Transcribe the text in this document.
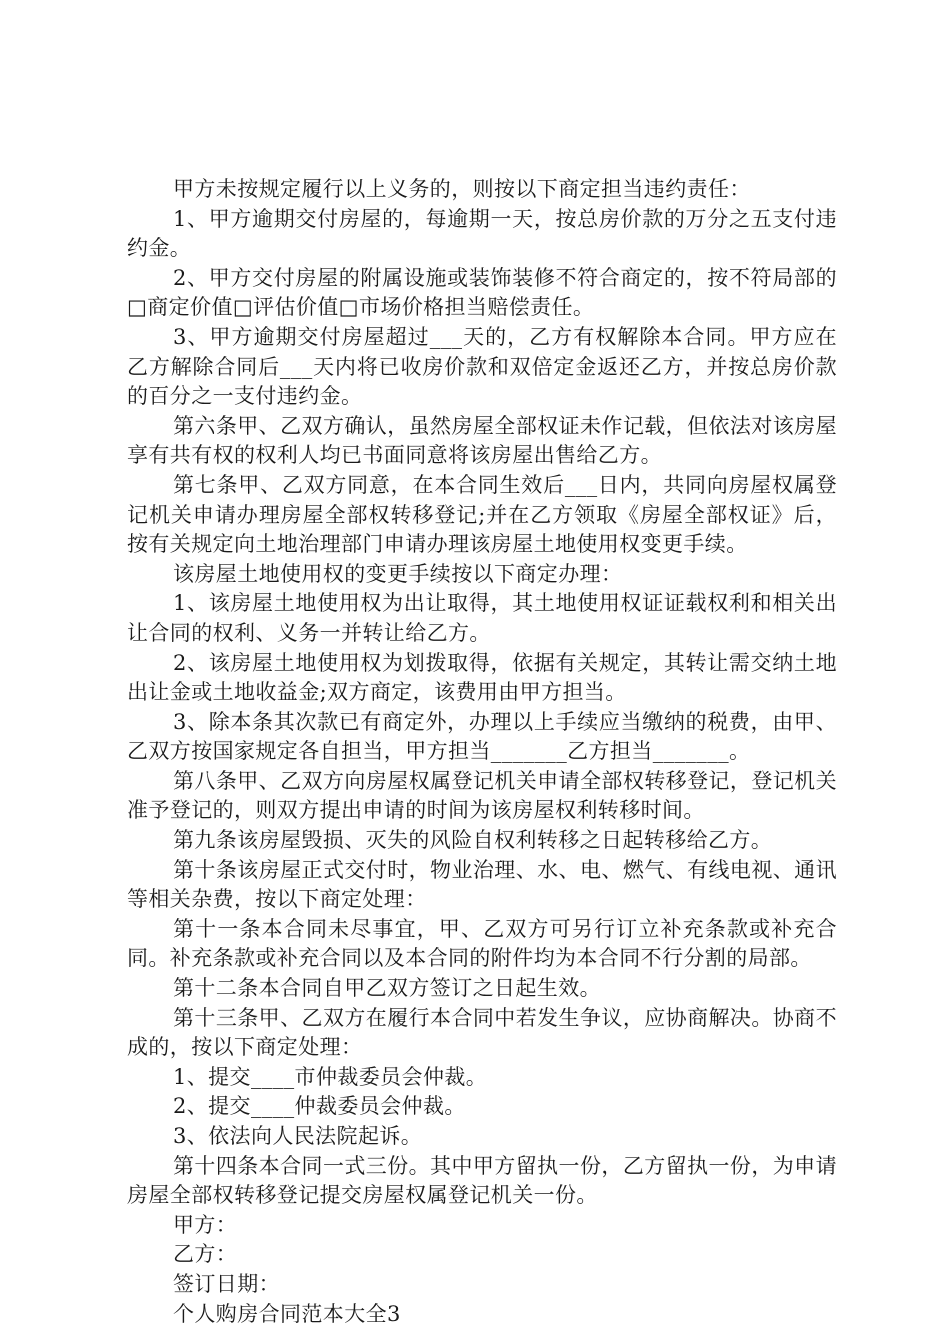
甲方未按规定履行以上义务的，则按以下商定担当违约责任：

1、甲方逾期交付房屋的，每逾期一天，按总房价款的万分之五支付违约金。

2、甲方交付房屋的附属设施或装饰装修不符合商定的，按不符局部的□商定价值□评估价值□市场价格担当赔偿责任。

3、甲方逾期交付房屋超过___天的，乙方有权解除本合同。甲方应在乙方解除合同后___天内将已收房价款和双倍定金返还乙方，并按总房价款的百分之一支付违约金。

第六条甲、乙双方确认，虽然房屋全部权证未作记载，但依法对该房屋享有共有权的权利人均已书面同意将该房屋出售给乙方。

第七条甲、乙双方同意，在本合同生效后___日内，共同向房屋权属登记机关申请办理房屋全部权转移登记;并在乙方领取《房屋全部权证》后，按有关规定向土地治理部门申请办理该房屋土地使用权变更手续。

该房屋土地使用权的变更手续按以下商定办理：

1、该房屋土地使用权为出让取得，其土地使用权证证载权利和相关出让合同的权利、义务一并转让给乙方。

2、该房屋土地使用权为划拨取得，依据有关规定，其转让需交纳土地出让金或土地收益金;双方商定，该费用由甲方担当。

3、除本条其次款已有商定外，办理以上手续应当缴纳的税费，由甲、乙双方按国家规定各自担当，甲方担当_______乙方担当_______。

第八条甲、乙双方向房屋权属登记机关申请全部权转移登记，登记机关准予登记的，则双方提出申请的时间为该房屋权利转移时间。

第九条该房屋毁损、灭失的风险自权利转移之日起转移给乙方。

第十条该房屋正式交付时，物业治理、水、电、燃气、有线电视、通讯等相关杂费，按以下商定处理：

第十一条本合同未尽事宜，甲、乙双方可另行订立补充条款或补充合同。补充条款或补充合同以及本合同的附件均为本合同不行分割的局部。

第十二条本合同自甲乙双方签订之日起生效。

第十三条甲、乙双方在履行本合同中若发生争议，应协商解决。协商不成的，按以下商定处理：

1、提交____市仲裁委员会仲裁。

2、提交____仲裁委员会仲裁。

3、依法向人民法院起诉。

第十四条本合同一式三份。其中甲方留执一份，乙方留执一份，为申请房屋全部权转移登记提交房屋权属登记机关一份。

甲方：

乙方：

签订日期：

个人购房合同范本大全3
